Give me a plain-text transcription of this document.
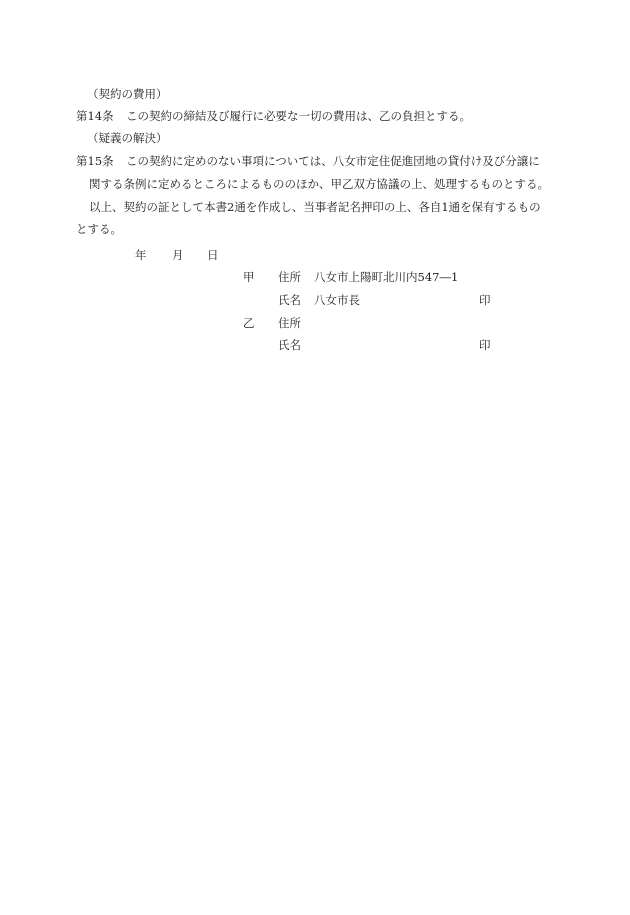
（契約の費用）
第14条 この契約の締結及び履行に必要な一切の費用は、乙の負担とする。
（疑義の解決）
第15条 この契約に定めのない事項については、八女市定住促進団地の貸付け及び分譲に
関する条例に定めるところによるもののほか、甲乙双方協議の上、処理するものとする。
以上、契約の証として本書2通を作成し、当事者記名押印の上、各自1通を保有するもの
とする。
年 月 日
甲 住所 八女市上陽町北川内547―1
氏名 八女市長	印
乙 住所
氏名	印
